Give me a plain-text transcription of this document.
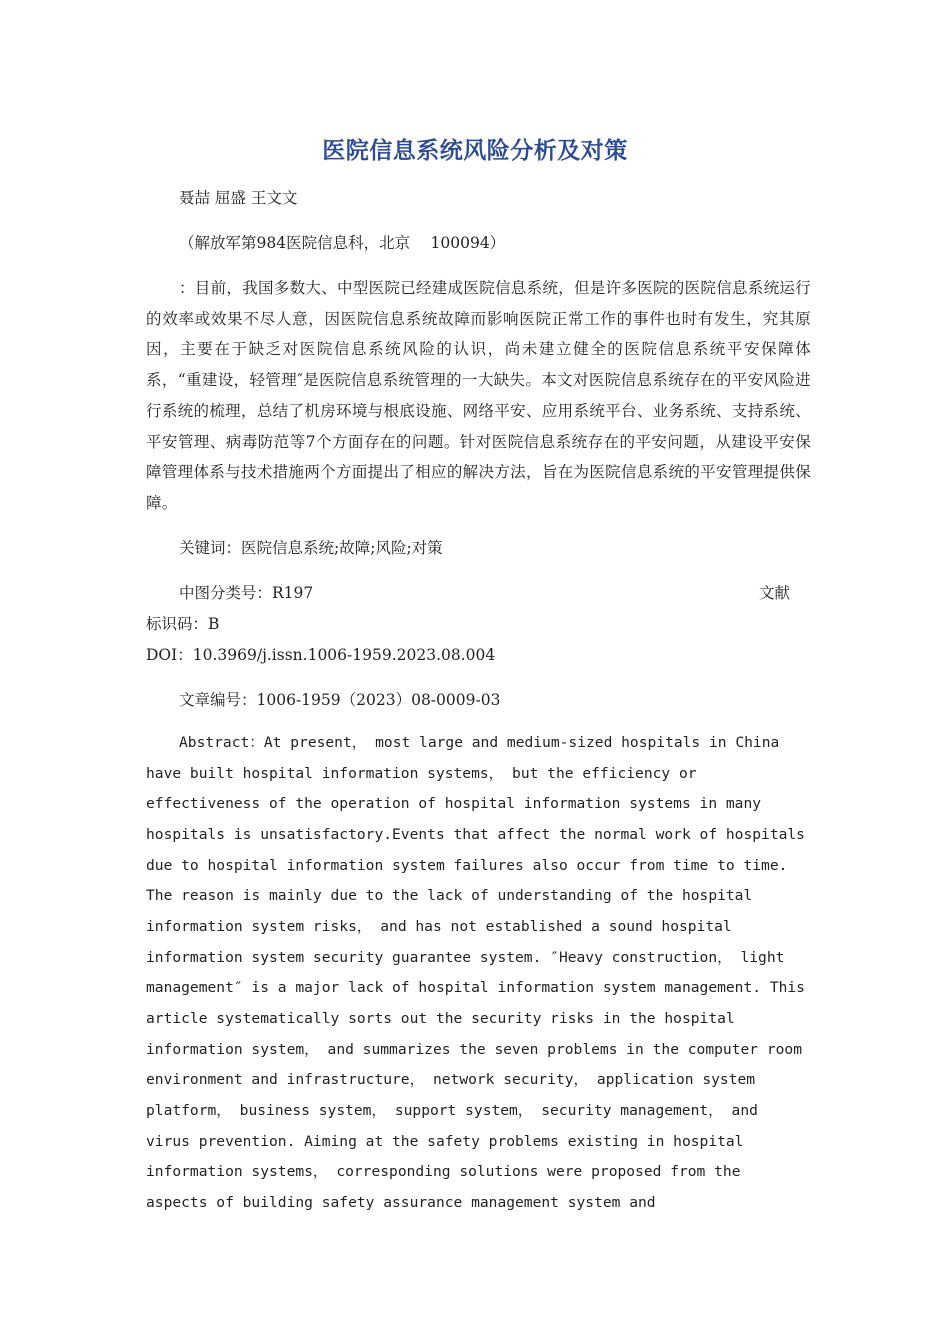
医院信息系统风险分析及对策

聂喆 屈盛 王文文

（解放军第984医院信息科，北京　 100094）

：目前，我国多数大、中型医院已经建成医院信息系统，但是许多医院的医院信息系统运行的效率或效果不尽人意，因医院信息系统故障而影响医院正常工作的事件也时有发生，究其原因，主要在于缺乏对医院信息系统风险的认识，尚未建立健全的医院信息系统平安保障体系，“重建设，轻管理″是医院信息系统管理的一大缺失。本文对医院信息系统存在的平安风险进行系统的梳理，总结了机房环境与根底设施、网络平安、应用系统平台、业务系统、支持系统、平安管理、病毒防范等7个方面存在的问题。针对医院信息系统存在的平安问题，从建设平安保障管理体系与技术措施两个方面提出了相应的解决方法，旨在为医院信息系统的平安管理提供保障。

关键词：医院信息系统;故障;风险;对策

中图分类号：R197	文献

标识码：B

DOI：10.3969/j.issn.1006-1959.2023.08.004

文章编号：1006-1959（2023）08-0009-03

Abstract：At present， most large and medium-sized hospitals in China have built hospital information systems， but the efficiency or effectiveness of the operation of hospital information systems in many hospitals is unsatisfactory.Events that affect the normal work of hospitals due to hospital information system failures also occur from time to time. The reason is mainly due to the lack of understanding of the hospital information system risks， and has not established a sound hospital information system security guarantee system. ″Heavy construction， light management″ is a major lack of hospital information system management. This article systematically sorts out the security risks in the hospital information system， and summarizes the seven problems in the computer room environment and infrastructure， network security， application system platform， business system， support system， security management， and virus prevention. Aiming at the safety problems existing in hospital information systems， corresponding solutions were proposed from the aspects of building safety assurance management system and
